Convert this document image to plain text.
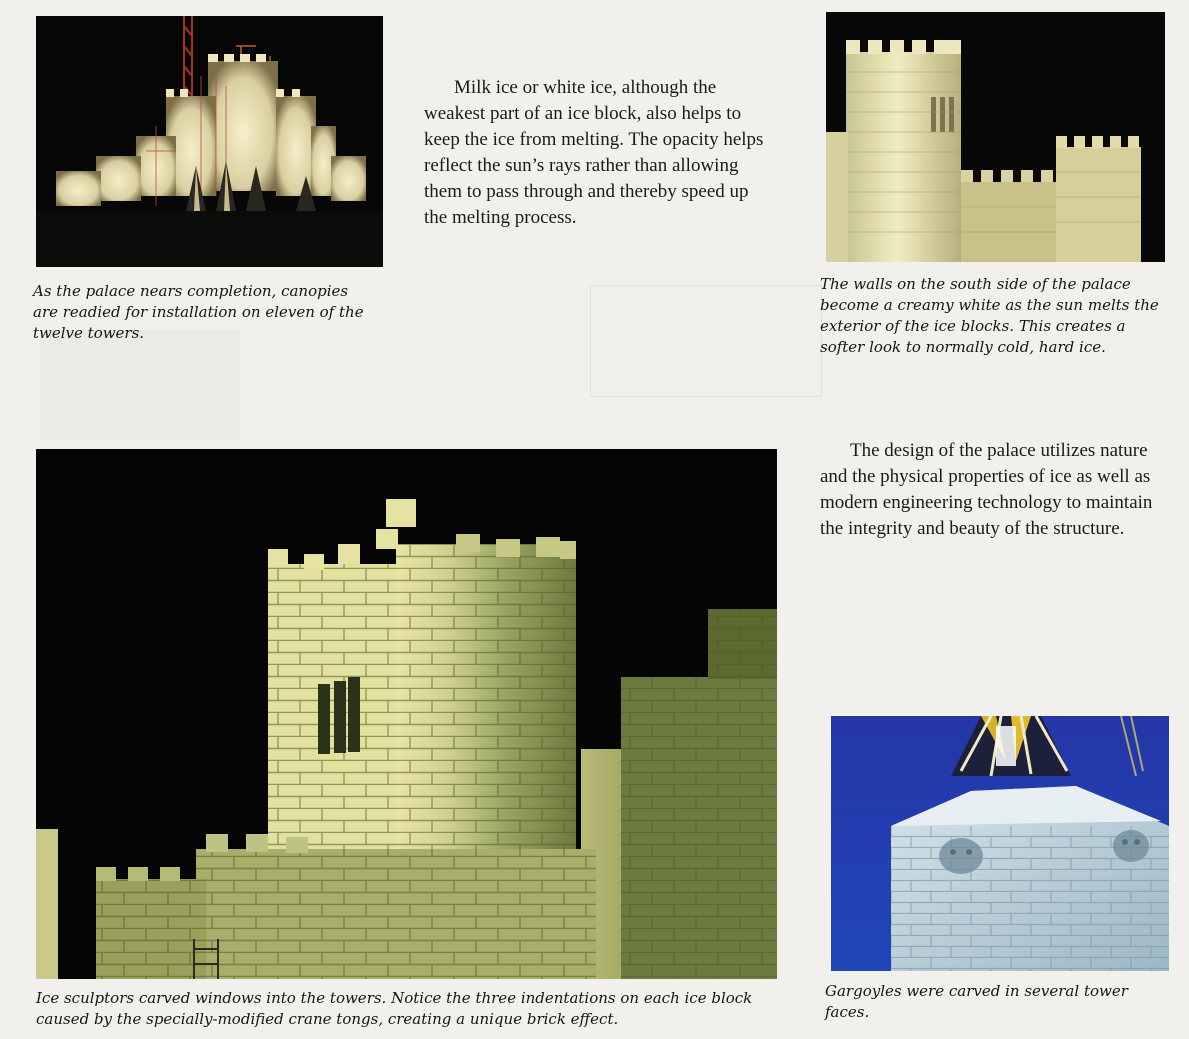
As the palace nears completion, canopies are readied for installation on eleven of the twelve towers.

Milk ice or white ice, although the weakest part of an ice block, also helps to keep the ice from melting. The opacity helps reflect the sun’s rays rather than allowing them to pass through and thereby speed up the melting process.

The walls on the south side of the palace become a creamy white as the sun melts the exterior of the ice blocks. This creates a softer look to normally cold, hard ice.

The design of the palace utilizes nature and the physical properties of ice as well as modern engineering technology to maintain the integrity and beauty of the structure.

Ice sculptors carved windows into the towers. Notice the three indentations on each ice block caused by the specially-modified crane tongs, creating a unique brick effect.

Gargoyles were carved in several tower faces.
